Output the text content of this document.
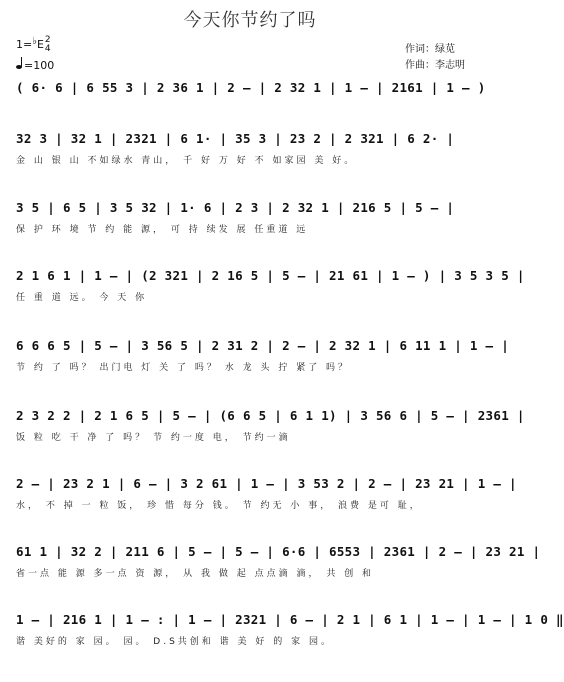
今天你节约了吗
1=♭E2
4
=100
作词：绿苋
作曲：李志明
( 6· 6 | 6 55 3 | 2 36 1 | 2 – | 2 32 1 | 1 – | 2161 | 1 – )
32 3 | 32 1 | 2321 | 6 1· | 35 3 | 23 2 | 2 321 | 6 2· |
金 山 银 山 不如绿水 青山， 千 好 万 好 不 如家园 美 好。
3 5 | 6 5 | 3 5 32 | 1· 6 | 2 3 | 2 32 1 | 216 5 | 5 – |
保 护 环 境 节 约 能 源， 可 持 续发 展 任重道 远
2 1 6 1 | 1 – | (2 321 | 2 16 5 | 5 – | 21 61 | 1 – ) | 3 5 3 5 |
任 重 道 远。 今 天 你
6 6 6 5 | 5 – | 3 56 5 | 2 31 2 | 2 – | 2 32 1 | 6 11 1 | 1 – |
节 约 了 吗？ 出门电 灯 关 了 吗？ 水 龙 头 拧 紧了 吗？
2 3 2 2 | 2 1 6 5 | 5 – | (6 6 5 | 6 1 1) | 3 56 6 | 5 – | 2361 |
饭 粒 吃 干 净 了 吗？ 节 约一度 电， 节约一滴
2 – | 23 2 1 | 6 – | 3 2 61 | 1 – | 3 53 2 | 2 – | 23 21 | 1 – |
水， 不 掉 一 粒 饭， 珍 惜 每分 钱。 节 约无 小 事， 浪费 是可 耻，
61 1 | 32 2 | 211 6 | 5 – | 5 – | 6·6 | 6553 | 2361 | 2 – | 23 21 |
省一点 能 源 多一点 资 源， 从 我 做 起 点点滴 滴， 共 创 和
1 – | 216 1 | 1 – : | 1 – | 2321 | 6 – | 2 1 | 6 1 | 1 – | 1 – | 1 0 ‖
谐 美好的 家 园。 园。 D.S共创和 谐 美 好 的 家 园。
